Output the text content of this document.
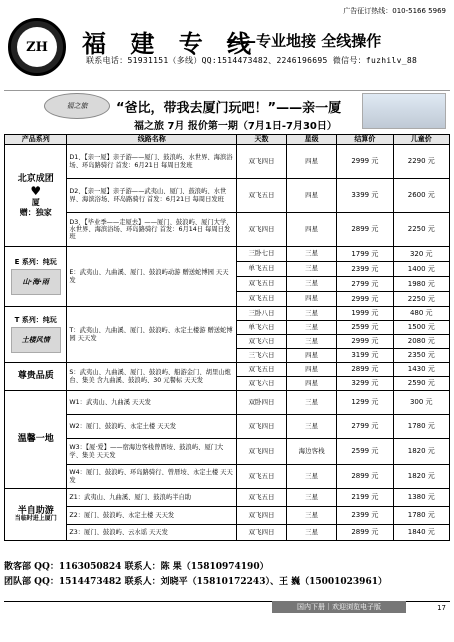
广告征订热线：010-5166 5969
ZH	福 建 专 线
——专业地接 全线操作
联系电话：51931151（多线）QQ:1514473482、2246196695 微信号：fuzhilv_88
福之旅	“爸比，带我去厦门玩吧！”——亲一厦
福之旅 7月 报价第一期（7月1日-7月30日）
产品系列	线路名称	天数	星级	结算价	儿童价
北京成团
♥
厦
赠：独家	D1、【亲一厦】亲子游——厦门、鼓浪屿、水世界、海滨浴场、环岛路骑行 首发：6月21日 每周日发班	双飞四日	四星	2999 元	2290 元
	D2、【亲一厦】亲子游——武夷山、厦门、鼓浪屿、水世界、海滨浴场、环岛路骑行 首发：6月21日 每周日发班	双飞五日	四星	3399 元	2600 元
	D3、【毕业季——走厦去】——厦门、鼓浪屿、厦门大学、水世界、海滨浴场、环岛路骑行 首发：6月14日 每周日发班	双飞四日	四星	2899 元	2250 元
E 系列：纯玩
山·海·雨	E：武夷山、九曲溪、厦门、鼓浪屿动游 赠送蛇博园 天天发	三卧七日	三星	1799 元	320 元
		单飞五日	三星	2399 元	1400 元
		双飞五日	三星	2799 元	1980 元
		双飞五日	四星	2999 元	2250 元
T 系列：纯玩
土楼风情	T：武夷山、九曲溪、厦门、鼓浪屿、永定土楼游 赠送蛇博园 天天发	三卧八日	三星	1999 元	480 元
		单飞六日	三星	2599 元	1500 元
		双飞六日	三星	2999 元	2080 元
		三飞六日	四星	3199 元	2350 元
尊贵品质	S：武夷山、九曲溪、厦门、鼓浪屿、船游金门、胡里山炮台、集美 含九曲溪、鼓浪屿、30 元餐标 天天发	双飞五日	四星	2899 元	1430 元
		双飞六日	四星	3299 元	2590 元
温馨一地	W1：武夷山、九曲溪 天天发	双卧四日	三星	1299 元	300 元
	W2：厦门、鼓浪屿、永定土楼 天天发	双飞四日	三星	2799 元	1780 元
	W3：【厦·爱】——宿海边客栈曾厝垵、鼓浪屿、厦门大学、集美 天天发	双飞四日	海边客栈	2599 元	1820 元
	W4：厦门、鼓浪屿、环岛路骑行、曾厝垵、永定土楼 天天发	双飞五日	三星	2899 元	1820 元
半自助游
当临时进上厦门	Z1：武夷山、九曲溪、厦门、鼓浪屿半自助	双飞五日	三星	2199 元	1380 元
	Z2：厦门、鼓浪屿、永定土楼 天天发	双飞四日	三星	2399 元	1780 元
	Z3：厦门、鼓浪屿、云水谣 天天发	双飞四日	三星	2899 元	1840 元
散客部 QQ：1163050824 联系人：陈 果（15810974190）
团队部 QQ：1514473482 联系人：刘晓平（15810172243）、王 巍（15001023961）
17
国内下册｜欢迎浏览电子版 www.zyoo.net
